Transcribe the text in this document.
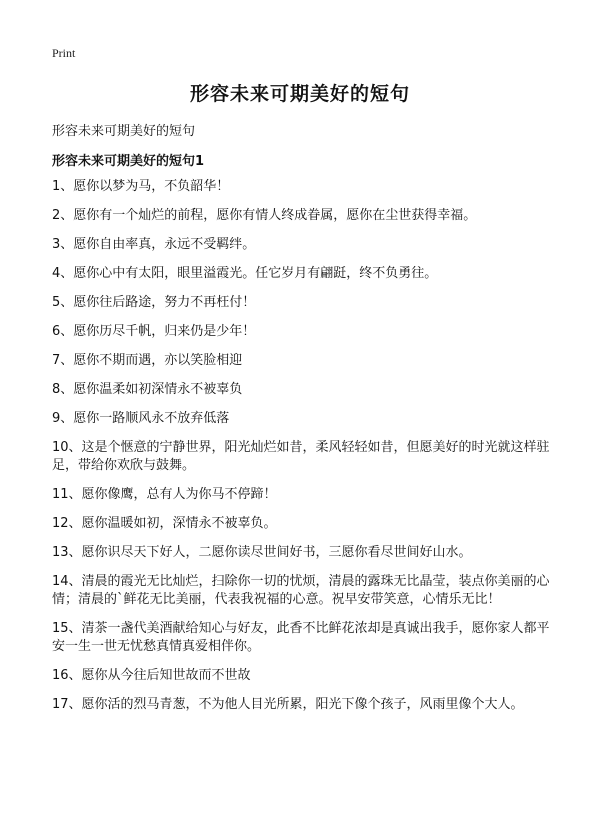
Print
形容未来可期美好的短句

形容未来可期美好的短句

形容未来可期美好的短句1

1、愿你以梦为马，不负韶华！
2、愿你有一个灿烂的前程，愿你有情人终成眷属，愿你在尘世获得幸福。
3、愿你自由率真，永远不受羁绊。
4、愿你心中有太阳，眼里溢霞光。任它岁月有翩跹，终不负勇往。
5、愿你往后路途，努力不再枉付！
6、愿你历尽千帆，归来仍是少年！
7、愿你不期而遇，亦以笑脸相迎
8、愿你温柔如初深情永不被辜负
9、愿你一路顺风永不放弃低落
10、这是个惬意的宁静世界，阳光灿烂如昔，柔风轻轻如昔，但愿美好的时光就这样驻足，带给你欢欣与鼓舞。
11、愿你像鹰，总有人为你马不停蹄！
12、愿你温暖如初，深情永不被辜负。
13、愿你识尽天下好人，二愿你读尽世间好书，三愿你看尽世间好山水。
14、清晨的霞光无比灿烂，扫除你一切的忧烦，清晨的露珠无比晶莹，装点你美丽的心情；清晨的`鲜花无比美丽，代表我祝福的心意。祝早安带笑意，心情乐无比！
15、清茶一盏代美酒献给知心与好友，此香不比鲜花浓却是真诚出我手，愿你家人都平安一生一世无忧愁真情真爱相伴你。
16、愿你从今往后知世故而不世故
17、愿你活的烈马青葱，不为他人目光所累，阳光下像个孩子，风雨里像个大人。
